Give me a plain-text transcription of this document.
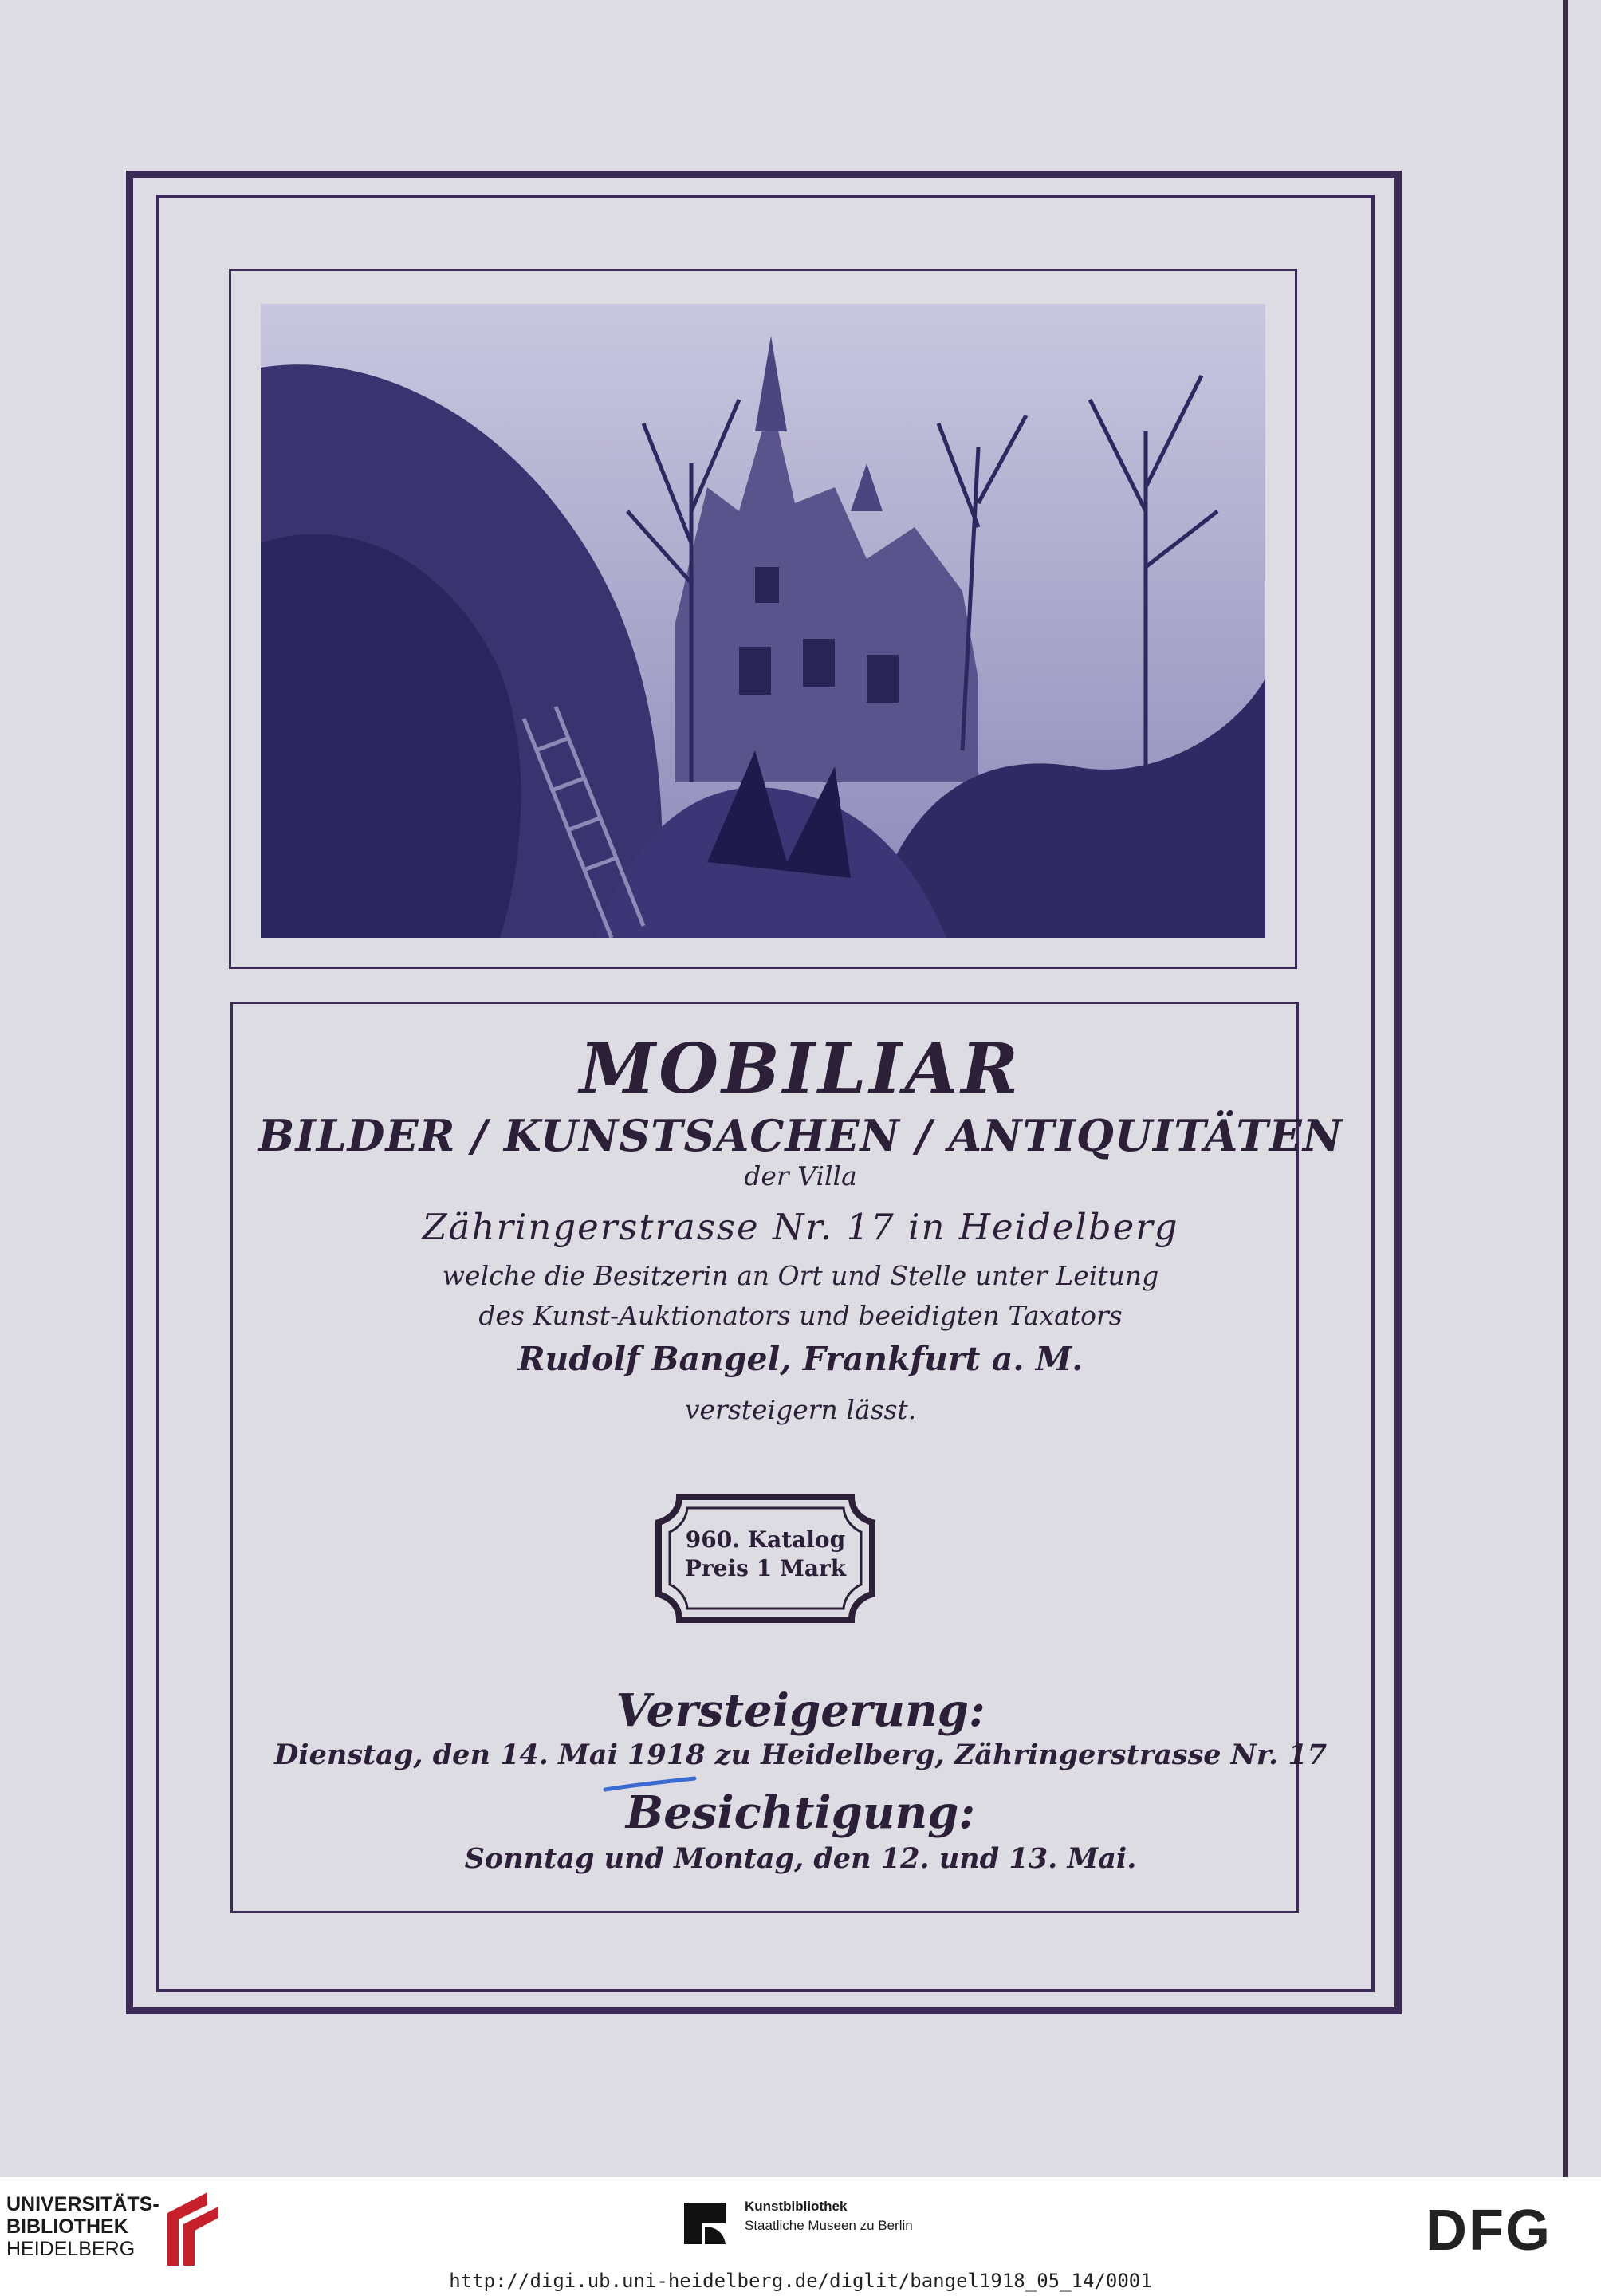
MOBILIAR
BILDER / KUNSTSACHEN / ANTIQUITÄTEN
der Villa
Zähringerstrasse Nr. 17 in Heidelberg
welche die Besitzerin an Ort und Stelle unter Leitung
des Kunst-Auktionators und beeidigten Taxators
Rudolf Bangel, Frankfurt a. M.
versteigern lässt.
960. Katalog
Preis 1 Mark
Versteigerung:
Dienstag, den 14. Mai 1918 zu Heidelberg, Zähringerstrasse Nr. 17
Besichtigung:
Sonntag und Montag, den 12. und 13. Mai.
UNIVERSITÄTS-
BIBLIOTHEK
HEIDELBERG
Kunstbibliothek
Staatliche Museen zu Berlin	DFG
http://digi.ub.uni-heidelberg.de/diglit/bangel1918_05_14/0001
